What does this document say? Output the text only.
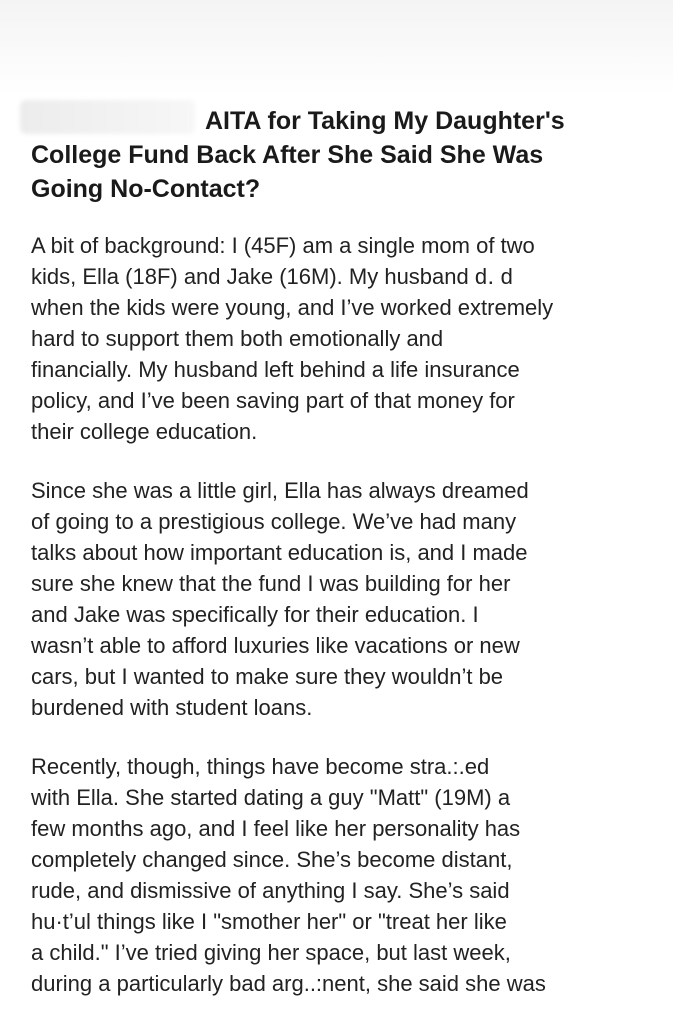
AITA for Taking My Daughter's
College Fund Back After She Said She Was
Going No-Contact?
A bit of background: I (45F) am a single mom of two
kids, Ella (18F) and Jake (16M). My husband d․ d
when the kids were young, and I’ve worked extremely
hard to support them both emotionally and
financially. My husband left behind a life insurance
policy, and I’ve been saving part of that money for
their college education.
Since she was a little girl, Ella has always dreamed
of going to a prestigious college. We’ve had many
talks about how important education is, and I made
sure she knew that the fund I was building for her
and Jake was specifically for their education. I
wasn’t able to afford luxuries like vacations or new
cars, but I wanted to make sure they wouldn’t be
burdened with student loans.
Recently, though, things have become stra.:.ed
with Ella. She started dating a guy "Matt" (19M) a
few months ago, and I feel like her personality has
completely changed since. She’s become distant,
rude, and dismissive of anything I say. She’s said
hu·t’ul things like I "smother her" or "treat her like
a child." I’ve tried giving her space, but last week,
during a particularly bad arg..:nent, she said she was
